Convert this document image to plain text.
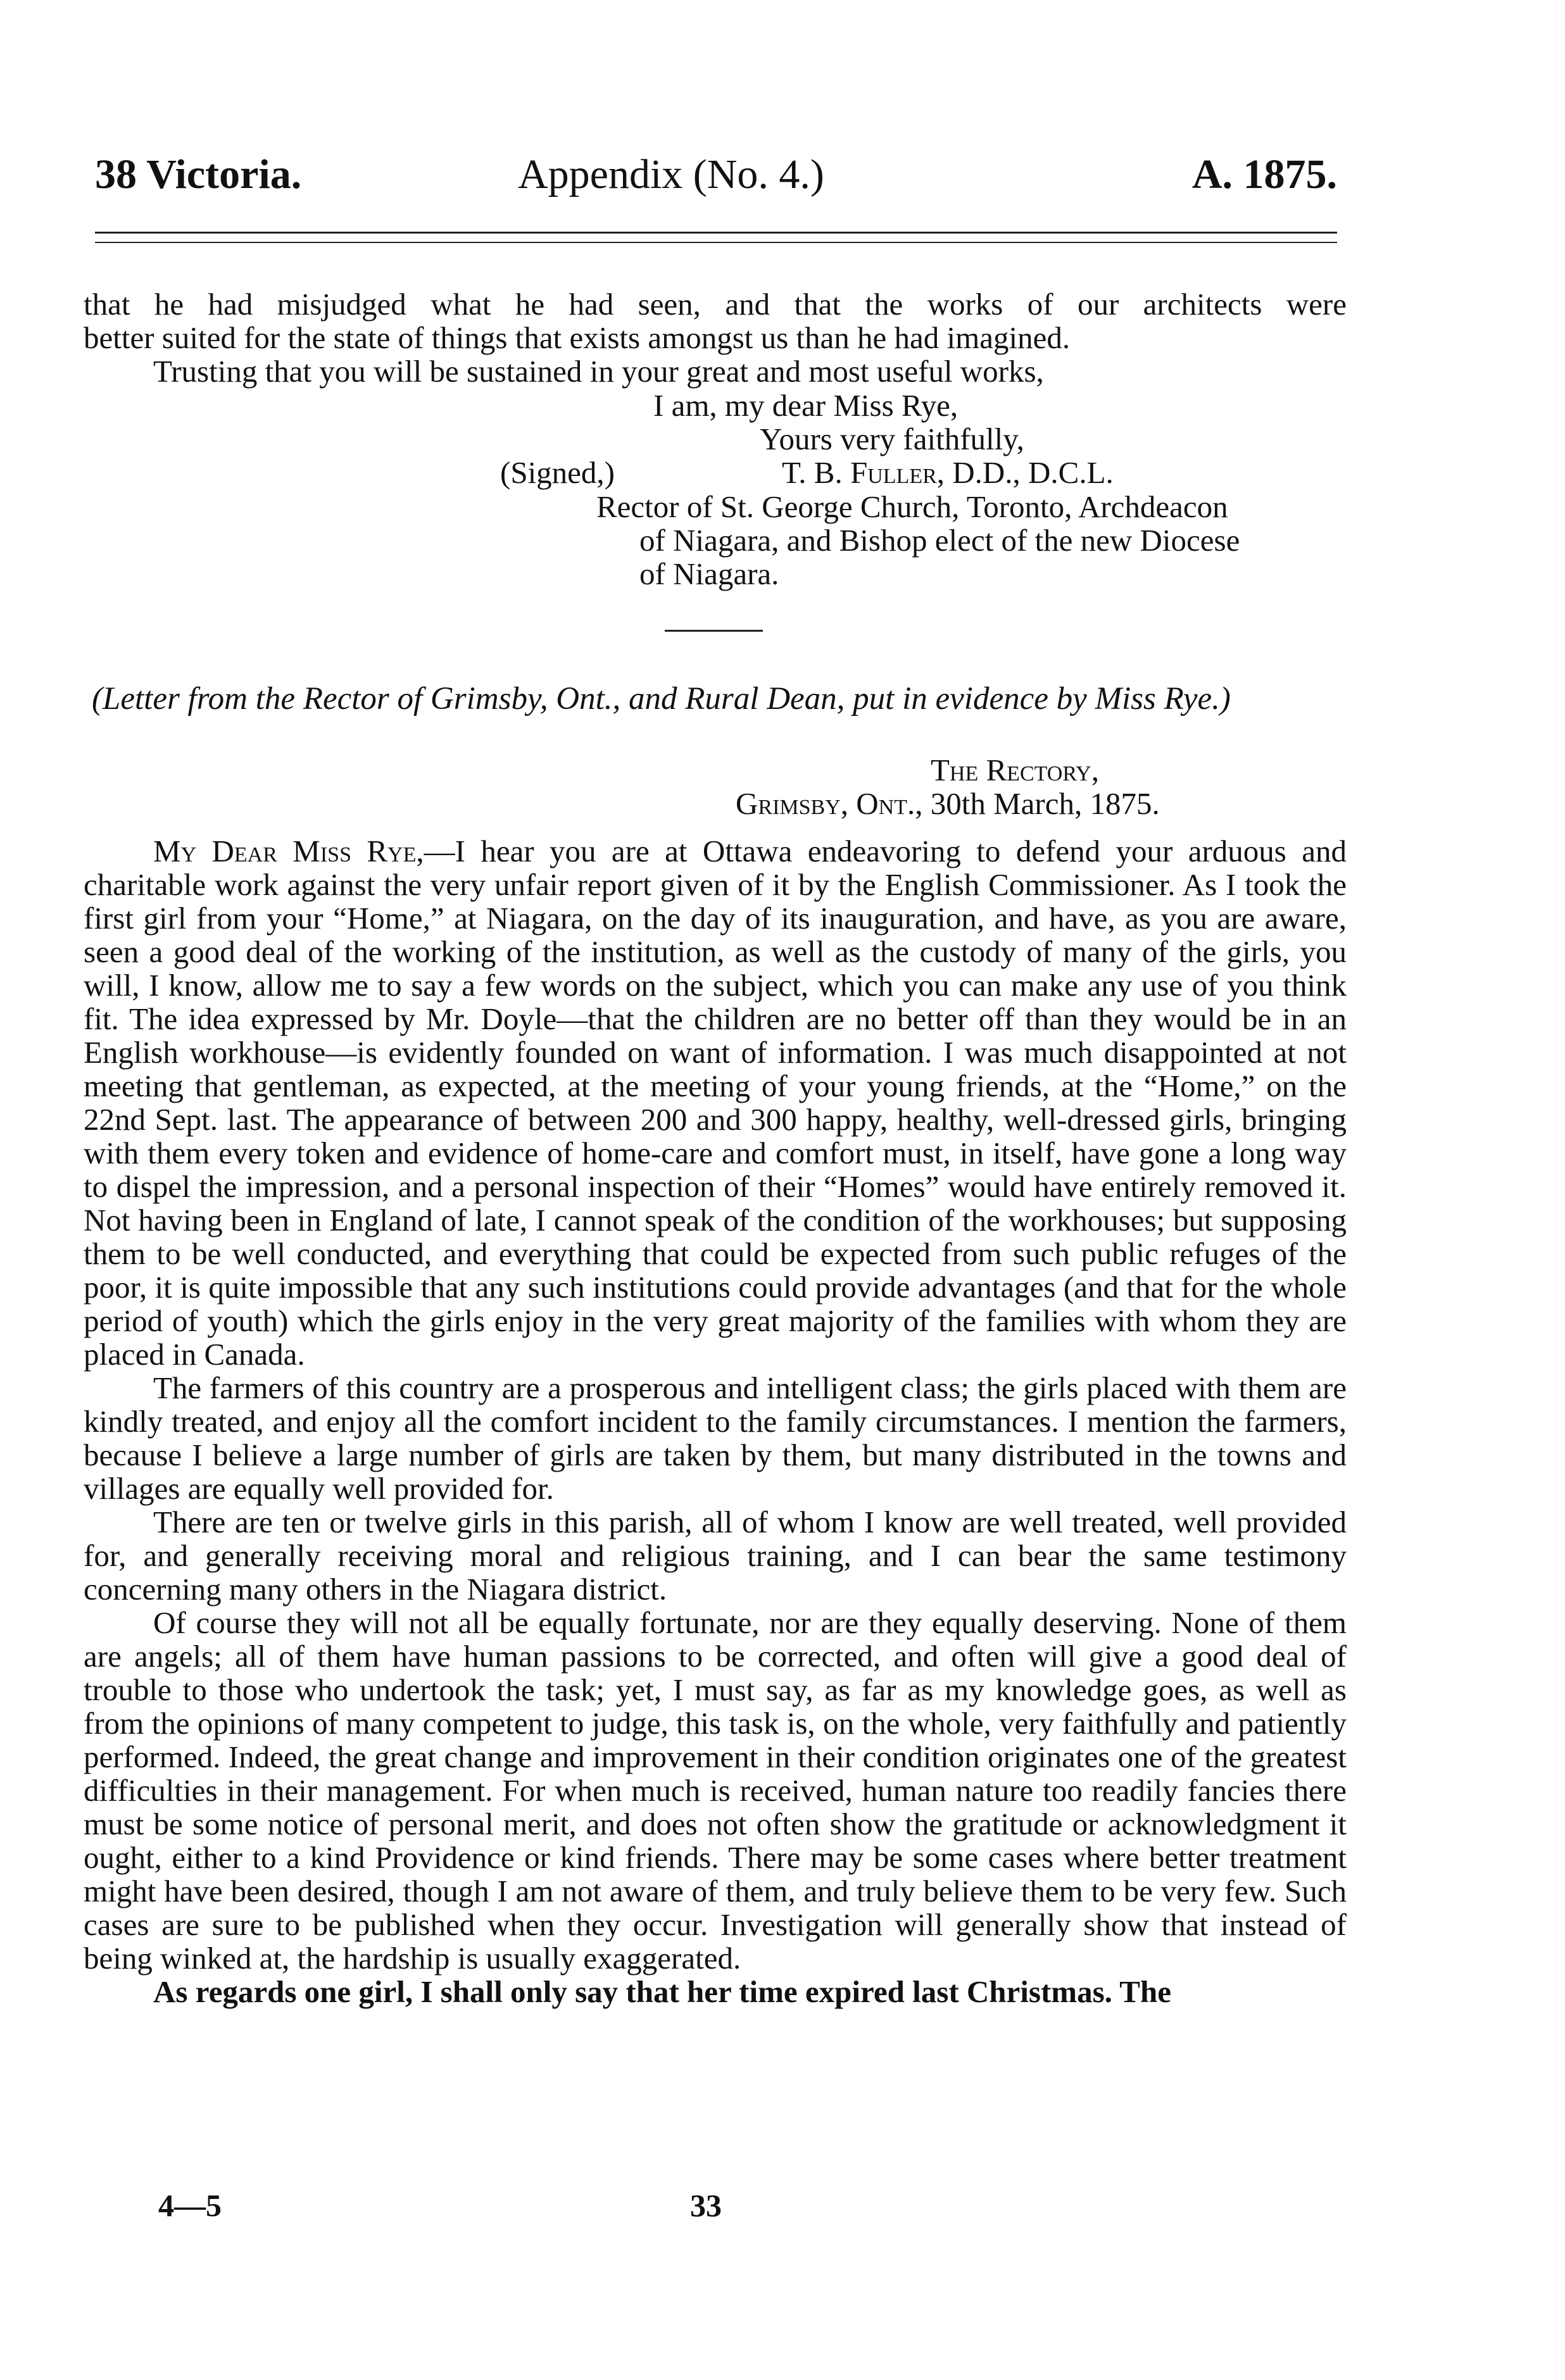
38 Victoria.	Appendix (No. 4.)	A. 1875.
that he had misjudged what he had seen, and that the works of our architects were
better suited for the state of things that exists amongst us than he had imagined.
Trusting that you will be sustained in your great and most useful works,
I am, my dear Miss Rye,
Yours very faithfully,
(Signed,)	T. B. Fuller, D.D., D.C.L.
Rector of St. George Church, Toronto, Archdeacon
of Niagara, and Bishop elect of the new Diocese
of Niagara.
(Letter from the Rector of Grimsby, Ont., and Rural Dean, put in evidence by Miss Rye.)
The Rectory,
Grimsby, Ont., 30th March, 1875.

My Dear Miss Rye,—I hear you are at Ottawa endeavoring to defend your arduous and charitable work against the very unfair report given of it by the English Commissioner. As I took the first girl from your “Home,” at Niagara, on the day of its inauguration, and have, as you are aware, seen a good deal of the working of the institution, as well as the custody of many of the girls, you will, I know, allow me to say a few words on the subject, which you can make any use of you think fit. The idea expressed by Mr. Doyle—that the children are no better off than they would be in an English workhouse—is evidently founded on want of information. I was much disappointed at not meeting that gentleman, as expected, at the meeting of your young friends, at the “Home,” on the 22nd Sept. last. The appearance of between 200 and 300 happy, healthy, well-dressed girls, bringing with them every token and evidence of home-care and comfort must, in itself, have gone a long way to dispel the impression, and a personal inspection of their “Homes” would have entirely removed it. Not having been in England of late, I cannot speak of the condition of the workhouses; but supposing them to be well conducted, and everything that could be expected from such public refuges of the poor, it is quite impossible that any such institutions could provide advantages (and that for the whole period of youth) which the girls enjoy in the very great majority of the families with whom they are placed in Canada.

The farmers of this country are a prosperous and intelligent class; the girls placed with them are kindly treated, and enjoy all the comfort incident to the family circumstances. I mention the farmers, because I believe a large number of girls are taken by them, but many distributed in the towns and villages are equally well provided for.

There are ten or twelve girls in this parish, all of whom I know are well treated, well provided for, and generally receiving moral and religious training, and I can bear the same testimony concerning many others in the Niagara district.

Of course they will not all be equally fortunate, nor are they equally deserving. None of them are angels; all of them have human passions to be corrected, and often will give a good deal of trouble to those who undertook the task; yet, I must say, as far as my knowledge goes, as well as from the opinions of many competent to judge, this task is, on the whole, very faithfully and patiently performed. Indeed, the great change and improvement in their condition originates one of the greatest difficulties in their management. For when much is received, human nature too readily fancies there must be some notice of personal merit, and does not often show the gratitude or acknowledgment it ought, either to a kind Providence or kind friends. There may be some cases where better treatment might have been desired, though I am not aware of them, and truly believe them to be very few. Such cases are sure to be published when they occur. Investigation will generally show that instead of being winked at, the hardship is usually exaggerated.

As regards one girl, I shall only say that her time expired last Christmas. The

4—5	33
